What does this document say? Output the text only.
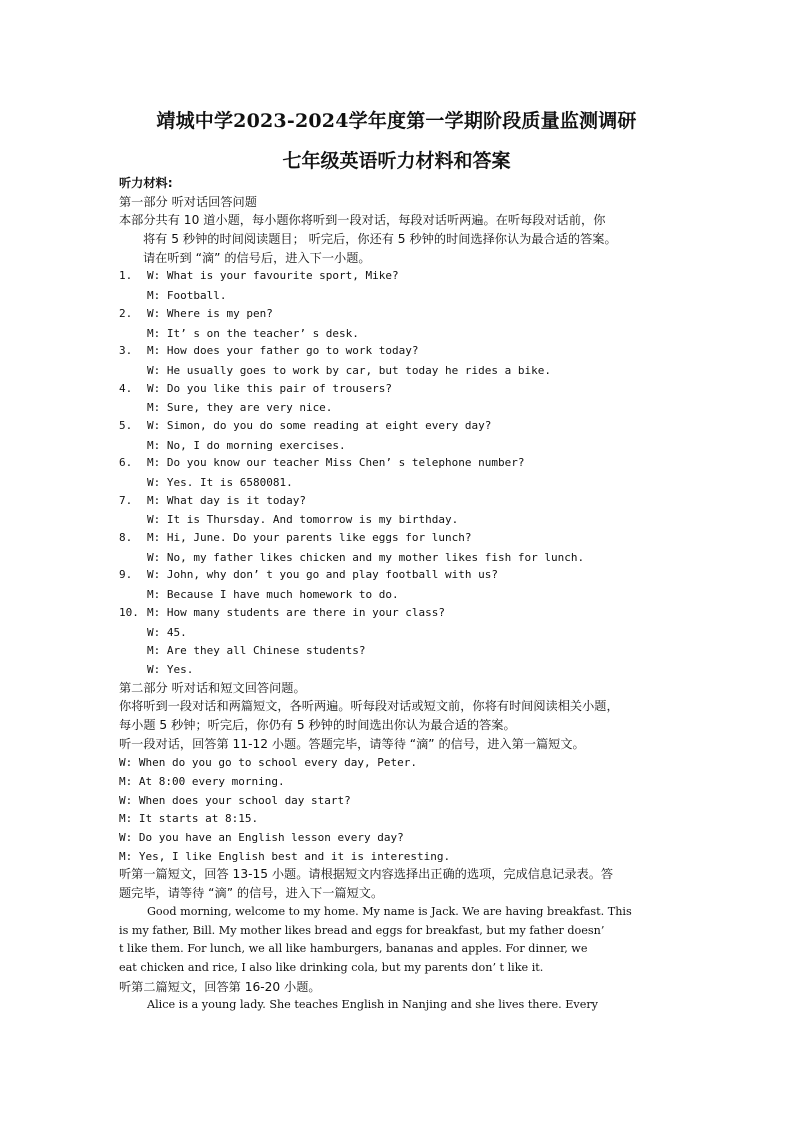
靖城中学2023-2024学年度第一学期阶段质量监测调研
七年级英语听力材料和答案
听力材料:
第一部分 听对话回答问题
本部分共有 10 道小题，每小题你将听到一段对话，每段对话听两遍。在听每段对话前，你
将有 5 秒钟的时间阅读题目； 听完后，你还有 5 秒钟的时间选择你认为最合适的答案。
请在听到 “滴” 的信号后，进入下一小题。
1.	W: What is your favourite sport, Mike?
M: Football.
2.	W: Where is my pen?
M: It’ s on the teacher’ s desk.
3.	M: How does your father go to work today?
W: He usually goes to work by car, but today he rides a bike.
4.	W: Do you like this pair of trousers?
M: Sure, they are very nice.
5.	W: Simon, do you do some reading at eight every day?
M: No, I do morning exercises.
6.	M: Do you know our teacher Miss Chen’ s telephone number?
W: Yes. It is 6580081.
7.	M: What day is it today?
W: It is Thursday. And tomorrow is my birthday.
8.	M: Hi, June. Do your parents like eggs for lunch?
W: No, my father likes chicken and my mother likes fish for lunch.
9.	W: John, why don’ t you go and play football with us?
M: Because I have much homework to do.
10. M: How many students are there in your class?
W: 45.
M: Are they all Chinese students?
W: Yes.
第二部分 听对话和短文回答问题。
你将听到一段对话和两篇短文，各听两遍。听每段对话或短文前，你将有时间阅读相关小题，
每小题 5 秒钟；听完后，你仍有 5 秒钟的时间选出你认为最合适的答案。
听一段对话，回答第 11-12 小题。答题完毕，请等待 “滴” 的信号，进入第一篇短文。
W: When do you go to school every day, Peter.
M: At 8:00 every morning.
W: When does your school day start?
M: It starts at 8:15.
W: Do you have an English lesson every day?
M: Yes, I like English best and it is interesting.
听第一篇短文，回答 13-15 小题。请根据短文内容选择出正确的选项，完成信息记录表。答
题完毕，请等待 “滴” 的信号，进入下一篇短文。
Good morning, welcome to my home. My name is Jack. We are having breakfast. This
is my father, Bill. My mother likes bread and eggs for breakfast, but my father doesn’
t like them. For lunch, we all like hamburgers, bananas and apples. For dinner, we
eat chicken and rice, I also like drinking cola, but my parents don’ t like it.
听第二篇短文，回答第 16-20 小题。
Alice is a young lady. She teaches English in Nanjing and she lives there. Every
